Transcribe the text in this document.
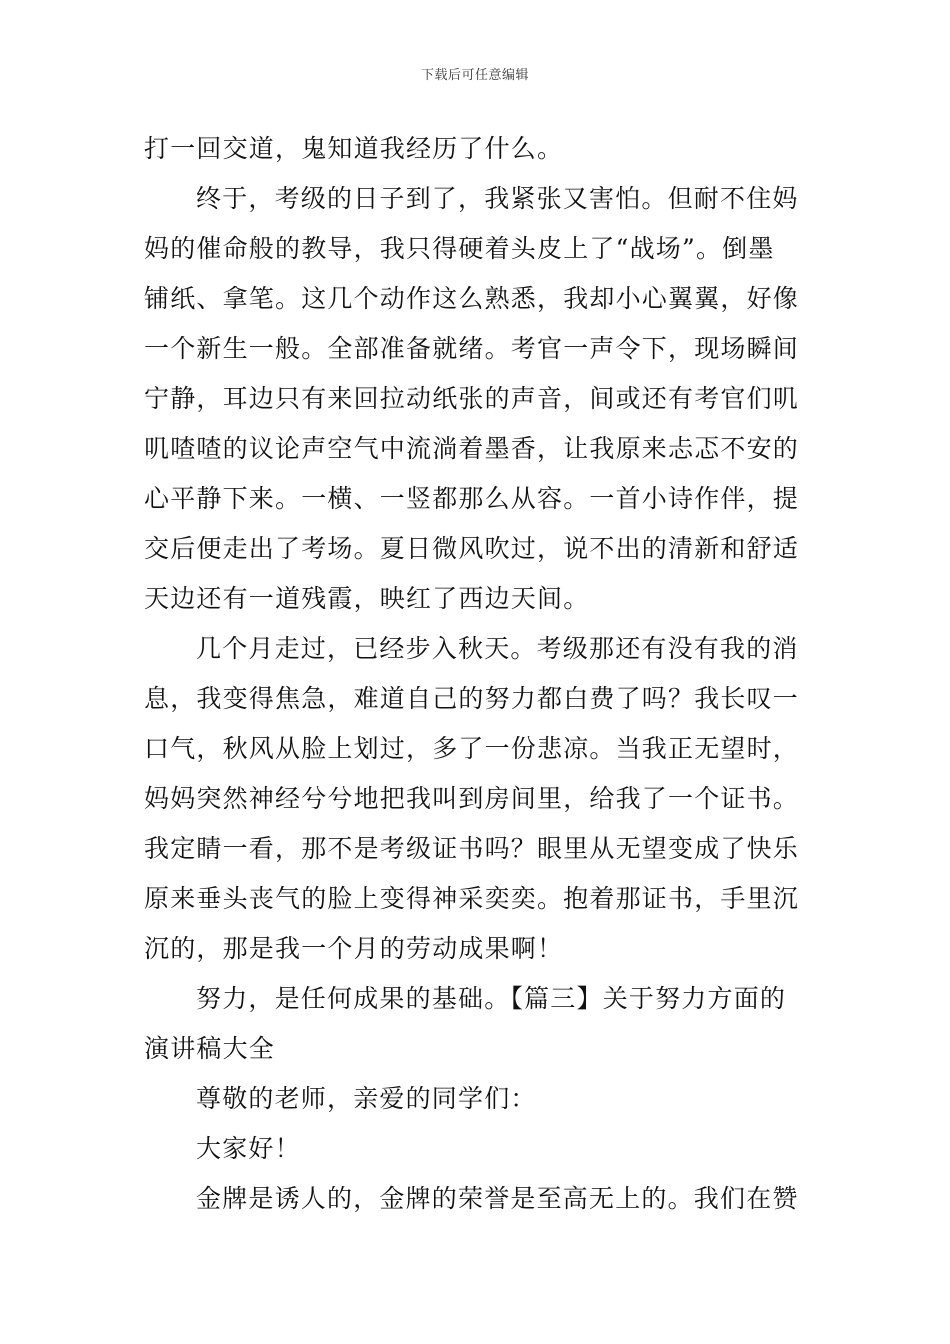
下载后可任意编辑
打一回交道，鬼知道我经历了什么。
终于，考级的日子到了，我紧张又害怕。但耐不住妈
妈的催命般的教导，我只得硬着头皮上了“战场”。倒墨
铺纸、拿笔。这几个动作这么熟悉，我却小心翼翼，好像
一个新生一般。全部准备就绪。考官一声令下，现场瞬间
宁静，耳边只有来回拉动纸张的声音，间或还有考官们叽
叽喳喳的议论声空气中流淌着墨香，让我原来忐忑不安的
心平静下来。一横、一竖都那么从容。一首小诗作伴，提
交后便走出了考场。夏日微风吹过，说不出的清新和舒适
天边还有一道残霞，映红了西边天间。
几个月走过，已经步入秋天。考级那还有没有我的消
息，我变得焦急，难道自己的努力都白费了吗？我长叹一
口气，秋风从脸上划过，多了一份悲凉。当我正无望时，
妈妈突然神经兮兮地把我叫到房间里，给我了一个证书。
我定睛一看，那不是考级证书吗？眼里从无望变成了快乐
原来垂头丧气的脸上变得神采奕奕。抱着那证书，手里沉
沉的，那是我一个月的劳动成果啊！
努力，是任何成果的基础。【篇三】关于努力方面的
演讲稿大全
尊敬的老师，亲爱的同学们：
大家好！
金牌是诱人的，金牌的荣誉是至高无上的。我们在赞
